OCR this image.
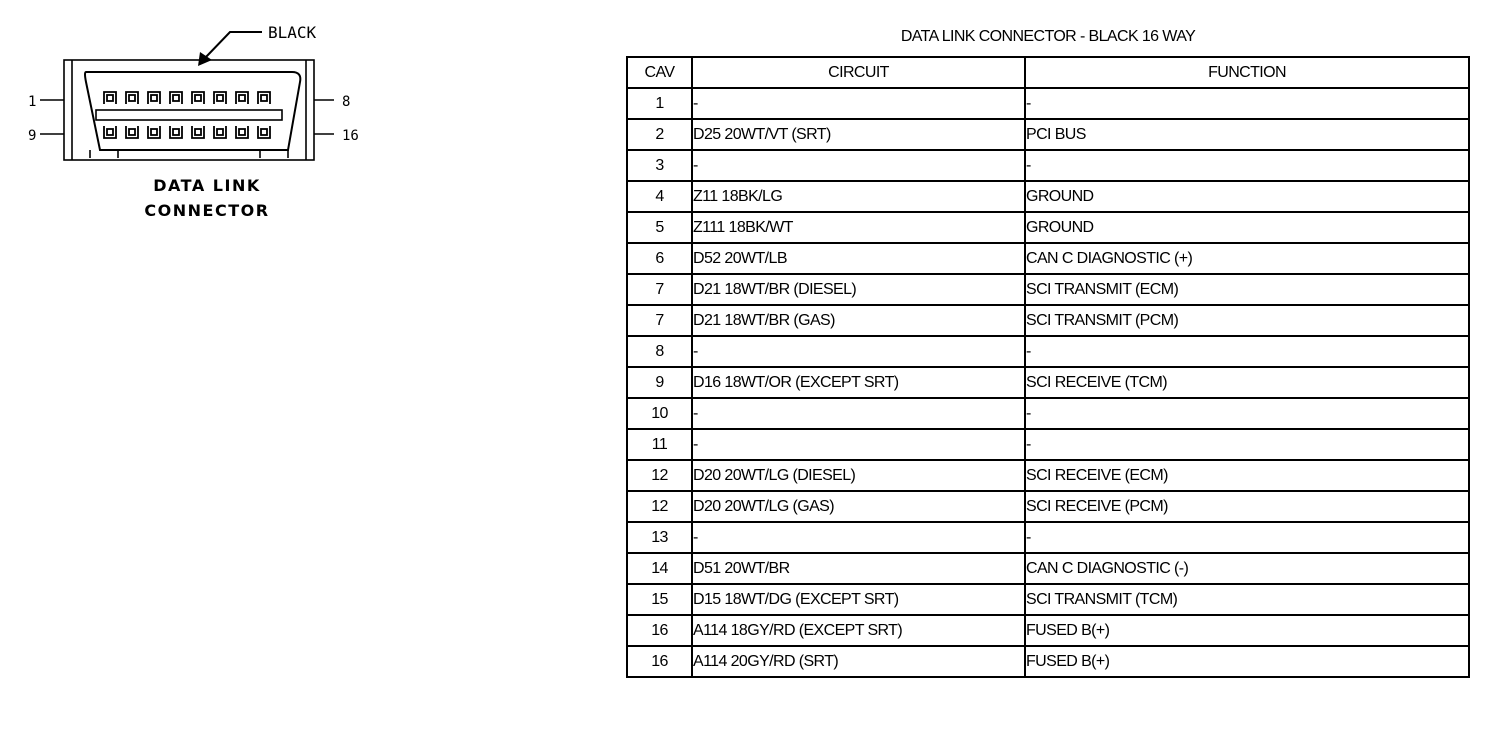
BLACK
1
9
8
16
DATA LINK
CONNECTOR
DATA LINK CONNECTOR - BLACK 16 WAY
CAV	CIRCUIT	FUNCTION
1	-	-
2	D25 20WT/VT (SRT)	PCI BUS
3	-	-
4	Z11 18BK/LG	GROUND
5	Z111 18BK/WT	GROUND
6	D52 20WT/LB	CAN C DIAGNOSTIC (+)
7	D21 18WT/BR (DIESEL)	SCI TRANSMIT (ECM)
7	D21 18WT/BR (GAS)	SCI TRANSMIT (PCM)
8	-	-
9	D16 18WT/OR (EXCEPT SRT)	SCI RECEIVE (TCM)
10	-	-
11	-	-
12	D20 20WT/LG (DIESEL)	SCI RECEIVE (ECM)
12	D20 20WT/LG (GAS)	SCI RECEIVE (PCM)
13	-	-
14	D51 20WT/BR	CAN C DIAGNOSTIC (-)
15	D15 18WT/DG (EXCEPT SRT)	SCI TRANSMIT (TCM)
16	A114 18GY/RD (EXCEPT SRT)	FUSED B(+)
16	A114 20GY/RD (SRT)	FUSED B(+)
